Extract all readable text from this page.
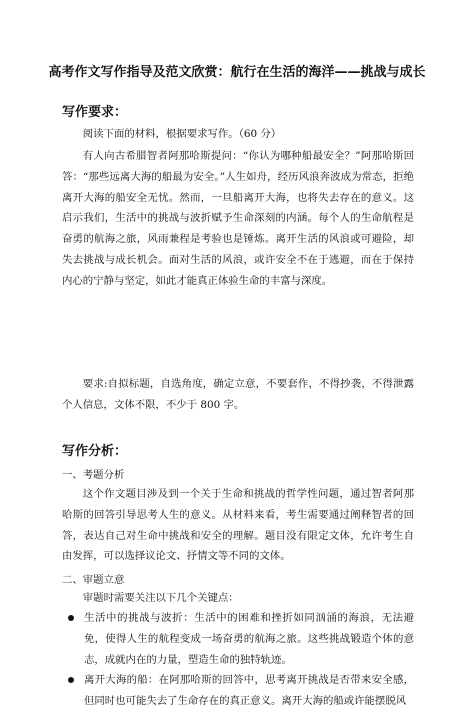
高考作文写作指导及范文欣赏：航行在生活的海洋——挑战与成长
写作要求：

阅读下面的材料，根据要求写作。（60 分）

有人向古希腊智者阿那哈斯提问：“你认为哪种船最安全？”阿那哈斯回答：“那些远离大海的船最为安全。”人生如舟，经历风浪奔波成为常态，拒绝离开大海的船安全无忧。然而，一旦船离开大海，也将失去存在的意义。这启示我们，生活中的挑战与波折赋予生命深刻的内涵。每个人的生命航程是奋勇的航海之旅，风雨兼程是考验也是锤炼。离开生活的风浪或可避险，却失去挑战与成长机会。面对生活的风浪，或许安全不在于逃避，而在于保持内心的宁静与坚定，如此才能真正体验生命的丰富与深度。

要求:自拟标题，自选角度，确定立意，不要套作，不得抄袭，不得泄露个人信息，文体不限，不少于 800 字。

写作分析：
一、考题分析

这个作文题目涉及到一个关于生命和挑战的哲学性问题，通过智者阿那哈斯的回答引导思考人生的意义。从材料来看，考生需要通过阐释智者的回答，表达自己对生命中挑战和安全的理解。题目没有限定文体，允许考生自由发挥，可以选择议论文、抒情文等不同的文体。

二、审题立意

审题时需要关注以下几个关键点：

生活中的挑战与波折：生活中的困难和挫折如同汹涌的海浪，无法避免，使得人生的航程变成一场奋勇的航海之旅。这些挑战锻造个体的意志，成就内在的力量，塑造生命的独特轨迹。
离开大海的船：在阿那哈斯的回答中，思考离开挑战是否带来安全感，但同时也可能失去了生命存在的真正意义。离开大海的船或许能摆脱风
